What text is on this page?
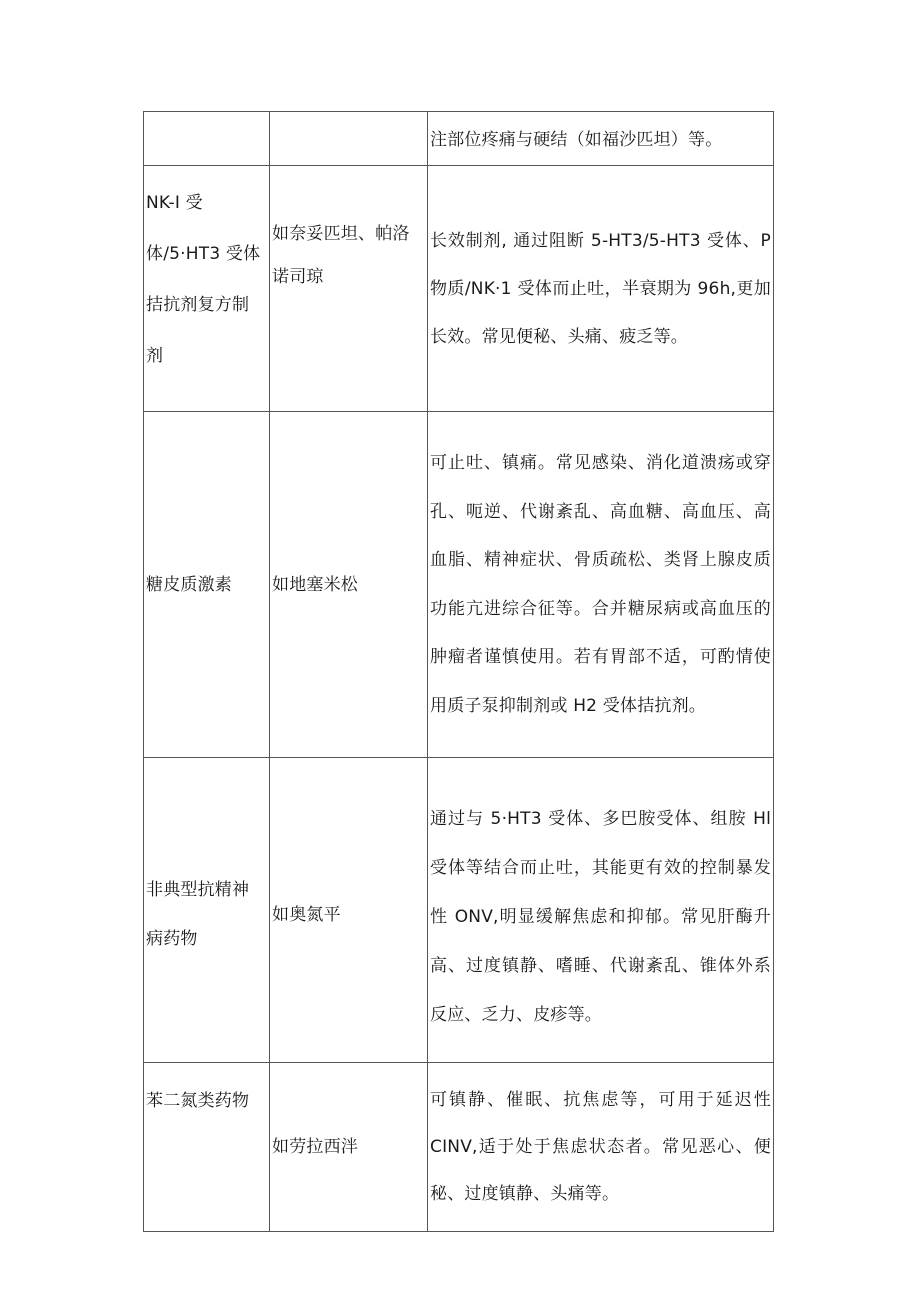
		注部位疼痛与硬结（如福沙匹坦）等。

NK-I 受体/5·HT3 受体拮抗剂复方制剂	如奈妥匹坦、帕洛诺司琼	长效制剂, 通过阻断 5-HT3/5-HT3 受体、P 物质/NK·1 受体而止吐，半衰期为 96h,更加长效。常见便秘、头痛、疲乏等。

糖皮质激素	如地塞米松	可止吐、镇痛。常见感染、消化道溃疡或穿孔、呃逆、代谢紊乱、高血糖、高血压、高血脂、精神症状、骨质疏松、类肾上腺皮质功能亢进综合征等。合并糖尿病或高血压的肿瘤者谨慎使用。若有胃部不适，可酌情使用质子泵抑制剂或 H2 受体拮抗剂。

非典型抗精神病药物	如奥氮平	通过与 5·HT3 受体、多巴胺受体、组胺 Hl 受体等结合而止吐，其能更有效的控制暴发性 ONV,明显缓解焦虑和抑郁。常见肝酶升高、过度镇静、嗜睡、代谢紊乱、锥体外系反应、乏力、皮疹等。

苯二氮类药物	如劳拉西泮	可镇静、催眠、抗焦虑等，可用于延迟性 CINV,适于处于焦虑状态者。常见恶心、便秘、过度镇静、头痛等。
